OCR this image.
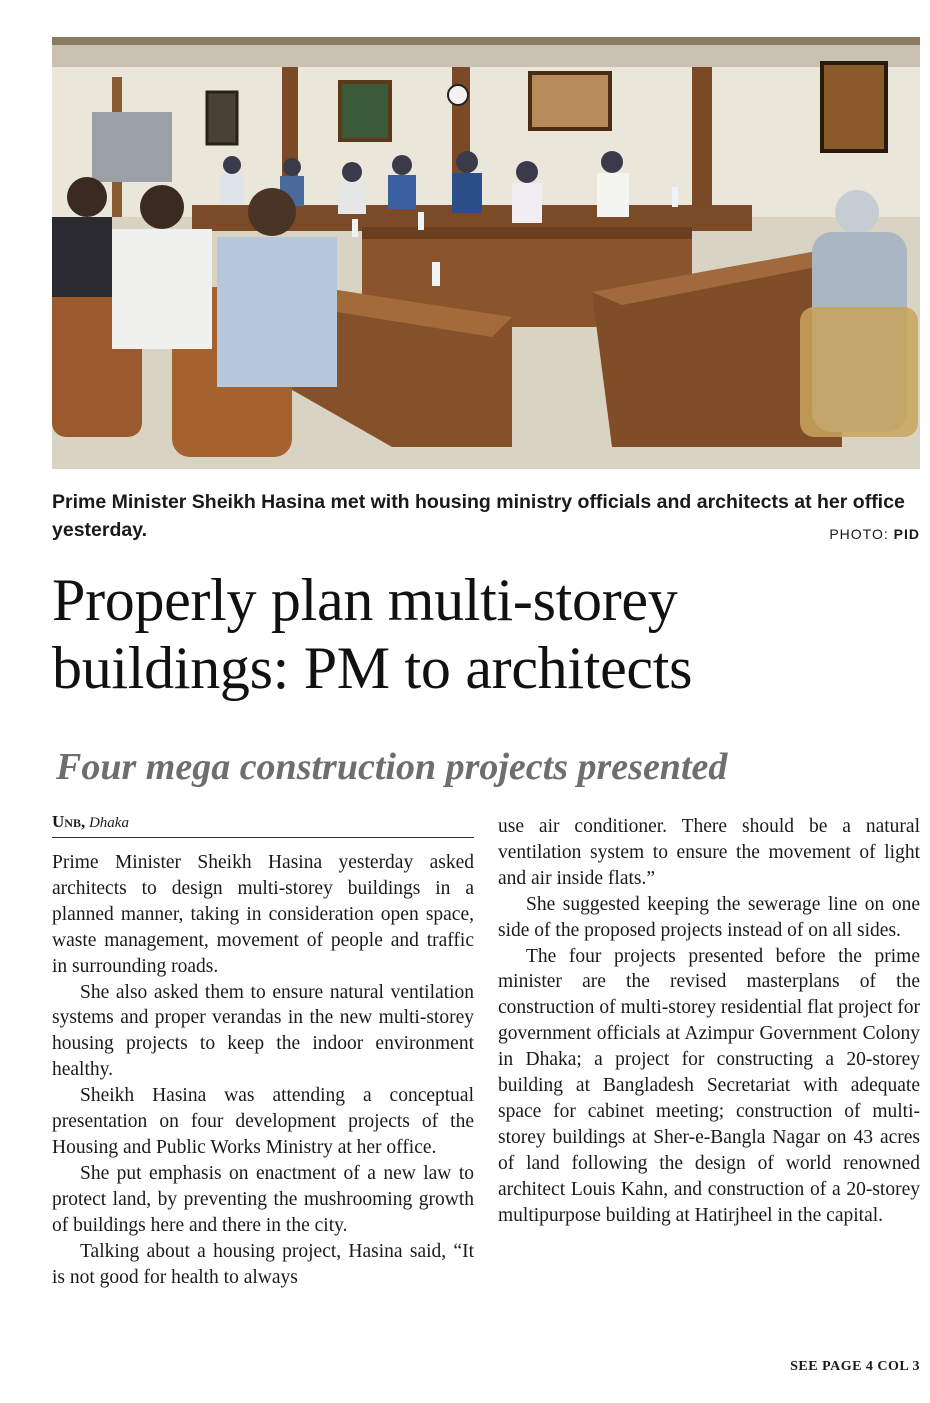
Prime Minister Sheikh Hasina met with housing ministry officials and architects at her office yesterday.	PHOTO: PID
Properly plan multi-storey
buildings: PM to architects
Four mega construction projects presented
Unb, Dhaka

Prime Minister Sheikh Hasina yesterday asked architects to design multi-storey buildings in a planned manner, taking in consideration open space, waste management, movement of people and traffic in surrounding roads.

She also asked them to ensure natural ventilation systems and proper verandas in the new multi-storey housing projects to keep the indoor environment healthy.

Sheikh Hasina was attending a conceptual presentation on four development projects of the Housing and Public Works Ministry at her office.

She put emphasis on enactment of a new law to protect land, by preventing the mushrooming growth of buildings here and there in the city.

Talking about a housing project, Hasina said, “It is not good for health to always

use air conditioner. There should be a natural ventilation system to ensure the movement of light and air inside flats.”

She suggested keeping the sewerage line on one side of the proposed projects instead of on all sides.

The four projects presented before the prime minister are the revised masterplans of the construction of multi-storey residential flat project for government officials at Azimpur Government Colony in Dhaka; a project for constructing a 20-storey building at Bangladesh Secretariat with adequate space for cabinet meeting; construction of multi-storey buildings at Sher-e-Bangla Nagar on 43 acres of land following the design of world renowned architect Louis Kahn, and construction of a 20-storey multipurpose building at Hatirjheel in the capital.

SEE PAGE 4 COL 3
